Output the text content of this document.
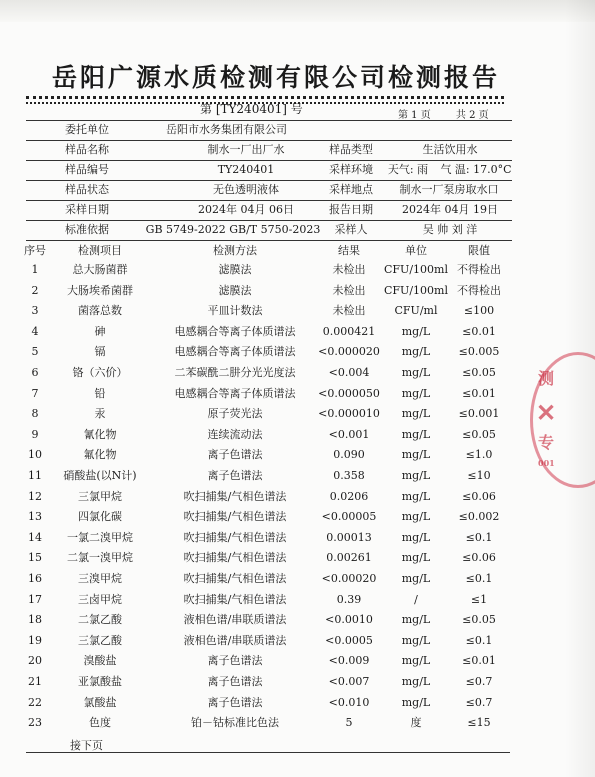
岳阳广源水质检测有限公司检测报告
第 [TY240401] 号	第 1 页	共 2 页
委托单位	岳阳市水务集团有限公司
样品名称	制水一厂出厂水	样品类型	生活饮用水
样品编号	TY240401	采样环境	天气: 雨	气 温: 17.0°C
样品状态	无色透明液体	采样地点	制水一厂泵房取水口
采样日期	2024年 04月 06日	报告日期	2024年 04月 19日
标准依据	GB 5749-2022 GB/T 5750-2023	采样人	吴 帅 刘 洋
序号	检测项目	检测方法	结果	单位	限值
1	总大肠菌群	滤膜法	未检出	CFU/100ml 不得检出
2	大肠埃希菌群	滤膜法	未检出	CFU/100ml 不得检出
3	菌落总数	平皿计数法	未检出	CFU/ml	≤100
4	砷	电感耦合等离子体质谱法	0.000421	mg/L	≤0.01
5	镉	电感耦合等离子体质谱法	<0.000020	mg/L	≤0.005
6	铬（六价）	二苯碳酰二肼分光光度法	<0.004	mg/L	≤0.05
7	铅	电感耦合等离子体质谱法	<0.000050	mg/L	≤0.01
8	汞	原子荧光法	<0.000010	mg/L	≤0.001
9	氰化物	连续流动法	<0.001	mg/L	≤0.05
10	氟化物	离子色谱法	0.090	mg/L	≤1.0
11	硝酸盐(以N计)	离子色谱法	0.358	mg/L	≤10
12	三氯甲烷	吹扫捕集/气相色谱法	0.0206	mg/L	≤0.06
13	四氯化碳	吹扫捕集/气相色谱法	<0.00005	mg/L	≤0.002
14	一氯二溴甲烷	吹扫捕集/气相色谱法	0.00013	mg/L	≤0.1
15	二氯一溴甲烷	吹扫捕集/气相色谱法	0.00261	mg/L	≤0.06
16	三溴甲烷	吹扫捕集/气相色谱法	<0.00020	mg/L	≤0.1
17	三卤甲烷	吹扫捕集/气相色谱法	0.39	/	≤1
18	二氯乙酸	液相色谱/串联质谱法	<0.0010	mg/L	≤0.05
19	三氯乙酸	液相色谱/串联质谱法	<0.0005	mg/L	≤0.1
20	溴酸盐	离子色谱法	<0.009	mg/L	≤0.01
21	亚氯酸盐	离子色谱法	<0.007	mg/L	≤0.7
22	氯酸盐	离子色谱法	<0.010	mg/L	≤0.7
23	色度	铂－钴标准比色法	5	度	≤15
接下页
测
✕
专
001
